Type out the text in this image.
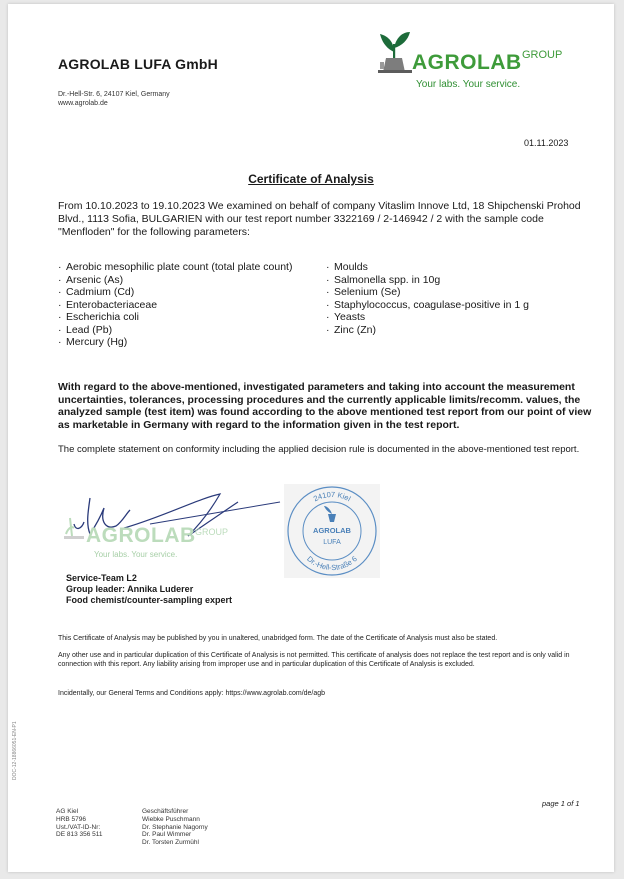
AGROLAB LUFA GmbH
Dr.-Hell-Str. 6, 24107 Kiel, Germany
www.agrolab.de
AGROLAB GROUP
Your labs. Your service.
01.11.2023
Certificate of Analysis
From 10.10.2023 to 19.10.2023 We examined on behalf of company Vitaslim Innove Ltd, 18 Shipchenski Prohod Blvd., 1113 Sofia, BULGARIEN with our test report number 3322169 / 2-146942 / 2 with the sample code "Menfloden" for the following parameters:
· Aerobic mesophilic plate count (total plate count)
· Arsenic (As)
· Cadmium (Cd)
· Enterobacteriaceae
· Escherichia coli
· Lead (Pb)
· Mercury (Hg)
· Moulds
· Salmonella spp. in 10g
· Selenium (Se)
· Staphylococcus, coagulase-positive in 1 g
· Yeasts
· Zinc (Zn)
With regard to the above-mentioned, investigated parameters and taking into account the measurement uncertainties, tolerances, processing procedures and the currently applicable limits/recomm. values, the analyzed sample (test item) was found according to the above mentioned test report from our point of view as marketable in Germany with regard to the information given in the test report.
The complete statement on conformity including the applied decision rule is documented in the above-mentioned test report.
AGROLAB GROUP
Your labs. Your service.
24107 Kiel
Dr.-Hell-Straße 6
AGROLAB
LUFA
Service-Team L2
Group leader: Annika Luderer
Food chemist/counter-sampling expert
This Certificate of Analysis may be published by you in unaltered, unabridged form. The date of the Certificate of Analysis must also be stated.
Any other use and in particular duplication of this Certificate of Analysis is not permitted. This certificate of analysis does not replace the test report and is only valid in connection with this report. Any liability arising from improper use and in particular duplication of this Certificate of Analysis is excluded.
Incidentally, our General Terms and Conditions apply: https://www.agrolab.com/de/agb
DOC-12-18866051-EN-P1
page 1 of 1
AG Kiel
HRB 5796
Ust./VAT-ID-Nr:
DE 813 356 511
Geschäftsführer
Wiebke Puschmann
Dr. Stephanie Nagorny
Dr. Paul Wimmer
Dr. Torsten Zurmühl
